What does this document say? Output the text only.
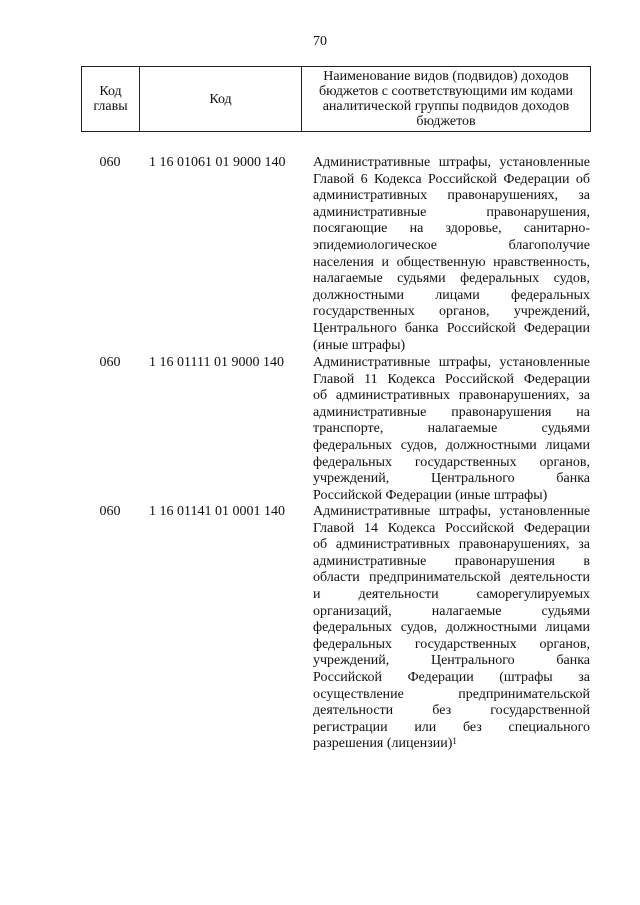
70
Код главы	Код
Наименование видов (подвидов) доходов бюджетов с соответствующими им кодами аналитической группы подвидов доходов бюджетов
060	1 16 01061 01 9000 140	Административные штрафы, установленные
Главой 6 Кодекса Российской Федерации об
административных правонарушениях, за
административные правонарушения,
посягающие на здоровье, санитарно-
эпидемиологическое благополучие
населения и общественную нравственность,
налагаемые судьями федеральных судов,
должностными лицами федеральных
государственных органов, учреждений,
Центрального банка Российской Федерации
(иные штрафы)
060	1 16 01111 01 9000 140	Административные штрафы, установленные
Главой 11 Кодекса Российской Федерации
об административных правонарушениях, за
административные правонарушения на
транспорте, налагаемые судьями
федеральных судов, должностными лицами
федеральных государственных органов,
учреждений, Центрального банка
Российской Федерации (иные штрафы)
060	1 16 01141 01 0001 140	Административные штрафы, установленные
Главой 14 Кодекса Российской Федерации
об административных правонарушениях, за
административные правонарушения в
области предпринимательской деятельности
и деятельности саморегулируемых
организаций, налагаемые судьями
федеральных судов, должностными лицами
федеральных государственных органов,
учреждений, Центрального банка
Российской Федерации (штрафы за
осуществление предпринимательской
деятельности без государственной
регистрации или без специального
разрешения (лицензии)$^1$
